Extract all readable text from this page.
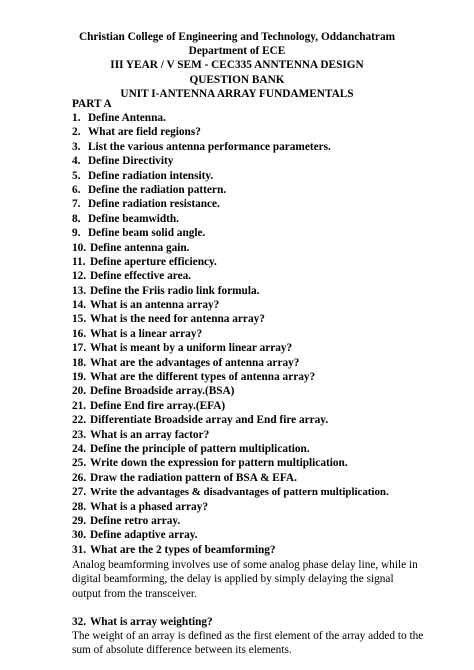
Christian College of Engineering and Technology, Oddanchatram
Department of ECE
III YEAR / V SEM - CEC335 ANNTENNA DESIGN
QUESTION BANK
UNIT I-ANTENNA ARRAY FUNDAMENTALS
PART A
1. Define Antenna.
2. What are field regions?
3. List the various antenna performance parameters.
4. Define Directivity
5. Define radiation intensity.
6. Define the radiation pattern.
7. Define radiation resistance.
8. Define beamwidth.
9. Define beam solid angle.
10. Define antenna gain.
11. Define aperture efficiency.
12. Define effective area.
13. Define the Friis radio link formula.
14. What is an antenna array?
15. What is the need for antenna array?
16. What is a linear array?
17. What is meant by a uniform linear array?
18. What are the advantages of antenna array?
19. What are the different types of antenna array?
20. Define Broadside array.(BSA)
21. Define End fire array.(EFA)
22. Differentiate Broadside array and End fire array.
23. What is an array factor?
24. Define the principle of pattern multiplication.
25. Write down the expression for pattern multiplication.
26. Draw the radiation pattern of BSA & EFA.
27. Write the advantages & disadvantages of pattern multiplication.
28. What is a phased array?
29. Define retro array.
30. Define adaptive array.
31. What are the 2 types of beamforming?
Analog beamforming involves use of some analog phase delay line, while in digital beamforming, the delay is applied by simply delaying the signal output from the transceiver.
32. What is array weighting?
The weight of an array is defined as the first element of the array added to the sum of absolute difference between its elements.
